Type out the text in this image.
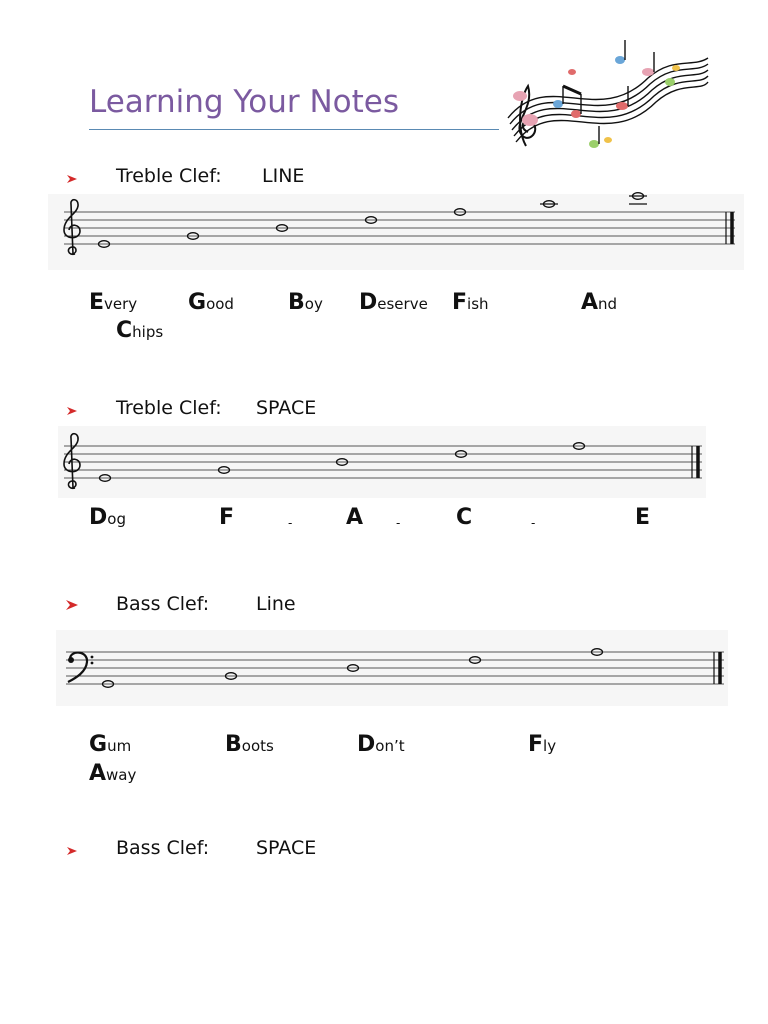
Learning Your Notes
Treble Clef: LINE
Every Good Boy Deserve Fish	And
Chips
Treble Clef: SPACE
Dog	F	- A	-	C	-	E
Bass Clef: Line
Gum	Boots	Don’t	Fly
Away
Bass Clef: SPACE
